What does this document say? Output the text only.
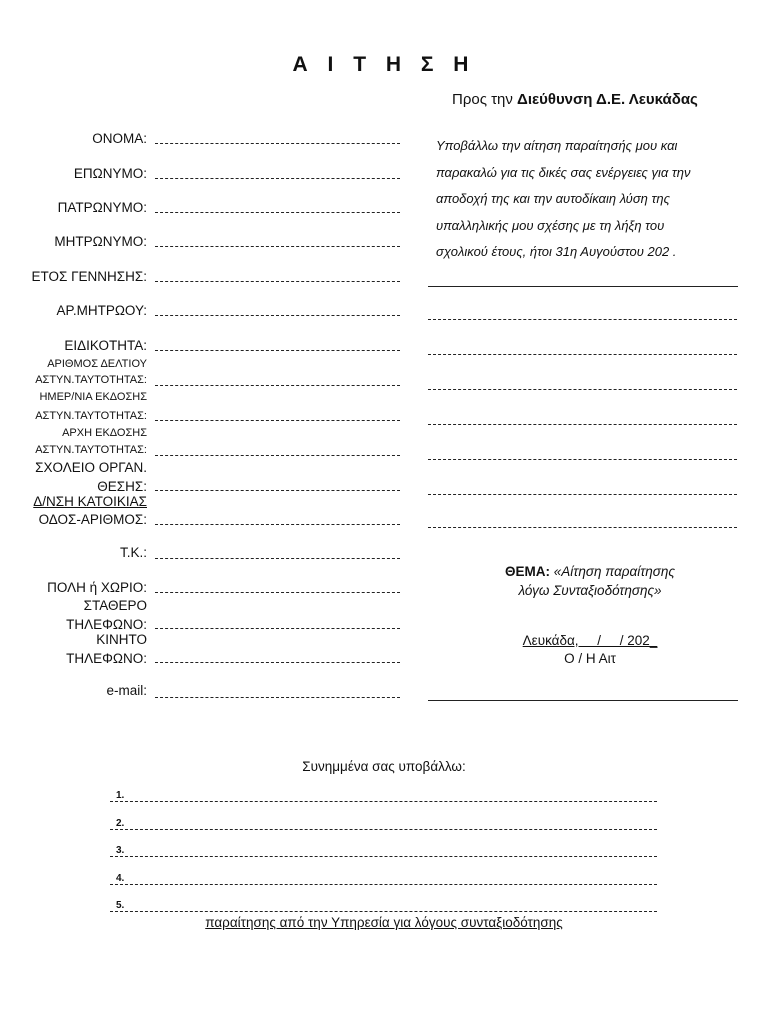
Α Ι Τ Η Σ Η
Προς την Διεύθυνση Δ.Ε. Λευκάδας
ΟΝΟΜΑ:
ΕΠΩΝΥΜΟ:
ΠΑΤΡΩΝΥΜΟ:
ΜΗΤΡΩΝΥΜΟ:
ΕΤΟΣ ΓΕΝΝΗΣΗΣ:
ΑΡ.ΜΗΤΡΩΟΥ:
ΕΙΔΙΚΟΤΗΤΑ:
ΑΡΙΘΜΟΣ ΔΕΛΤΙΟΥ
ΑΣΤΥΝ.ΤΑΥΤΟΤΗΤΑΣ:
ΗΜΕΡ/ΝΙΑ ΕΚΔΟΣΗΣ
ΑΣΤΥΝ.ΤΑΥΤΟΤΗΤΑΣ:
ΑΡΧΗ ΕΚΔΟΣΗΣ
ΑΣΤΥΝ.ΤΑΥΤΟΤΗΤΑΣ:
ΣΧΟΛΕΙΟ ΟΡΓΑΝ.
ΘΕΣΗΣ:
Δ/ΝΣΗ ΚΑΤΟΙΚΙΑΣ
ΟΔΟΣ-ΑΡΙΘΜΟΣ:
Τ.Κ.:
ΠΟΛΗ ή ΧΩΡΙΟ:
ΣΤΑΘΕΡΟ
ΤΗΛΕΦΩΝΟ:
ΚΙΝΗΤΟ
ΤΗΛΕΦΩΝΟ:
e-mail:
Υποβάλλω την αίτηση παραίτησής μου και
παρακαλώ για τις δικές σας ενέργειες για την
αποδοχή της και την αυτοδίκαιη λύση της
υπαλληλικής μου σχέσης με τη λήξη του
σχολικού έτους, ήτοι 31η Αυγούστου 202 .
ΘΕΜΑ: «Αίτηση παραίτησης
λόγω Συνταξιοδότησης»
Λευκάδα,     /     / 202_
Ο / Η Αιτ
Συνημμένα σας υποβάλλω:
1.
2.
3.
4.
5.
παραίτησης από την Υπηρεσία για λόγους συνταξιοδότησης
